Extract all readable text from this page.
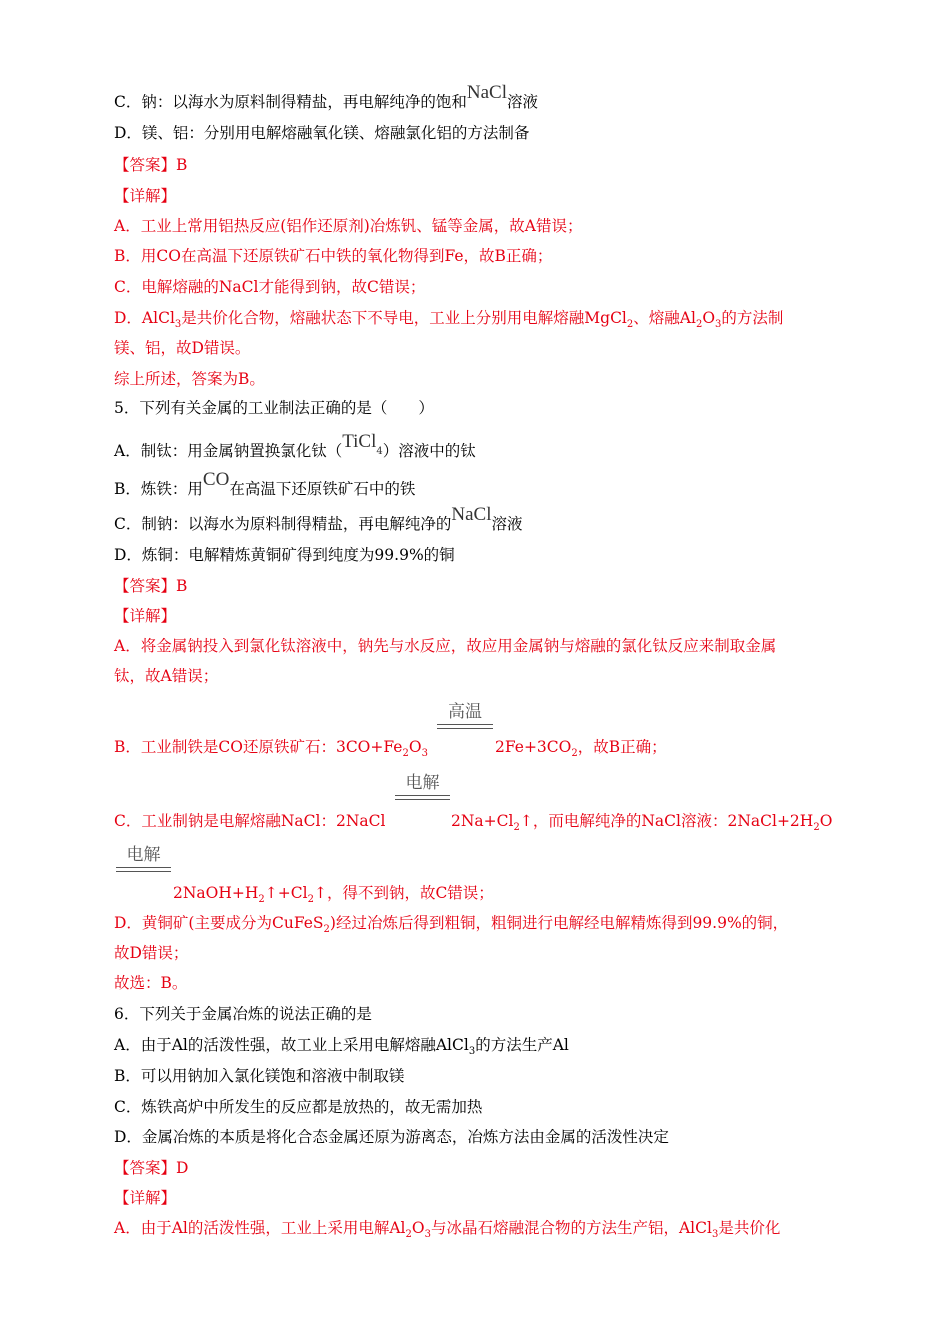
C．钠：以海水为原料制得精盐，再电解纯净的饱和NaCl溶液
D．镁、铝：分别用电解熔融氧化镁、熔融氯化铝的方法制备
【答案】B
【详解】
A．工业上常用铝热反应(铝作还原剂)冶炼钒、锰等金属，故A错误；
B．用CO在高温下还原铁矿石中铁的氧化物得到Fe，故B正确；
C．电解熔融的NaCl才能得到钠，故C错误；
D．AlCl$_3$是共价化合物，熔融状态下不导电，工业上分别用电解熔融MgCl$_2$、熔融$Al_2O_3$的方法制
镁、铝，故D错误。
综上所述，答案为B。
5．下列有关金属的工业制法正确的是（　　）
A．制钛：用金属钠置换氯化钛（TiCl$_4$）溶液中的钛
B．炼铁：用CO在高温下还原铁矿石中的铁
C．制钠：以海水为原料制得精盐，再电解纯净的NaCl溶液
D．炼铜：电解精炼黄铜矿得到纯度为99.9%的铜
【答案】B
【详解】
A．将金属钠投入到氯化钛溶液中，钠先与水反应，故应用金属钠与熔融的氯化钛反应来制取金属
钛，故A错误；
高温
B．工业制铁是CO还原铁矿石：$3CO+Fe_2O_3$	$2Fe+3CO_2$，故B正确；
电解
C．工业制钠是电解熔融NaCl：2NaCl	$2Na+Cl_2↑$，而电解纯净的NaCl溶液：$2NaCl+2H_2O$
电解
$2NaOH+H_2↑+Cl_2↑$，得不到钠，故C错误；
D．黄铜矿(主要成分为CuFeS$_2$)经过冶炼后得到粗铜，粗铜进行电解经电解精炼得到99.9%的铜，
故D错误；
故选：B。
6．下列关于金属冶炼的说法正确的是
A．由于Al的活泼性强，故工业上采用电解熔融AlCl$_3$的方法生产Al
B．可以用钠加入氯化镁饱和溶液中制取镁
C．炼铁高炉中所发生的反应都是放热的，故无需加热
D．金属冶炼的本质是将化合态金属还原为游离态，冶炼方法由金属的活泼性决定
【答案】D
【详解】
A．由于Al的活泼性强，工业上采用电解$Al_2O_3$与冰晶石熔融混合物的方法生产铝，AlCl$_3$是共价化
